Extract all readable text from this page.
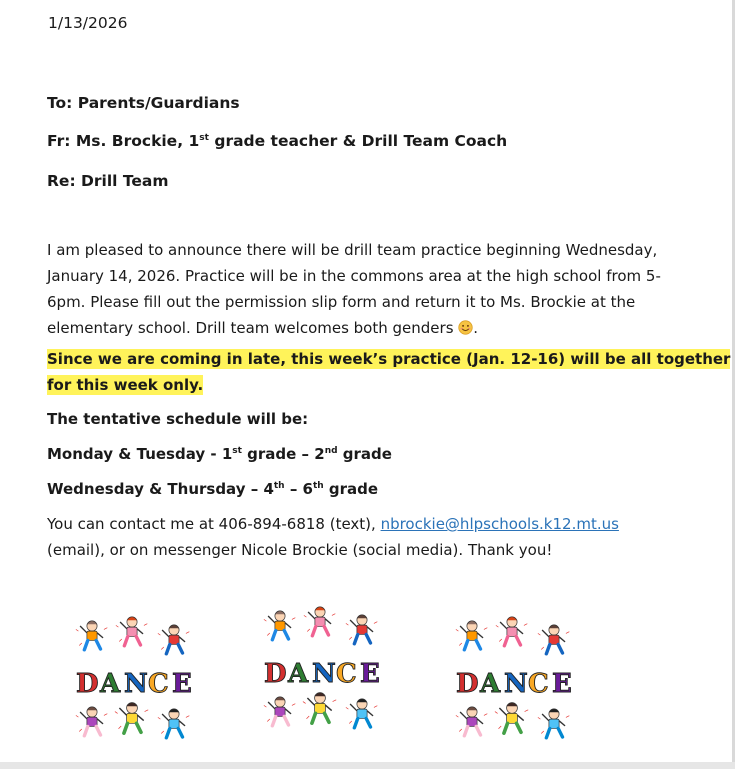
1/13/2026
To: Parents/Guardians
Fr: Ms. Brockie, 1st grade teacher & Drill Team Coach
Re: Drill Team
I am pleased to announce there will be drill team practice beginning Wednesday,
January 14, 2026. Practice will be in the commons area at the high school from 5-
6pm. Please fill out the permission slip form and return it to Ms. Brockie at the
elementary school. Drill team welcomes both genders .
Since we are coming in late, this week’s practice (Jan. 12-16) will be all together
for this week only.
The tentative schedule will be:
Monday & Tuesday - 1st grade – 2nd grade
Wednesday & Thursday – 4th – 6th grade
You can contact me at 406-894-6818 (text), nbrockie@hlpschools.k12.mt.us
(email), or on messenger Nicole Brockie (social media). Thank you!
D A N C E	D A N C E	D A N C E
